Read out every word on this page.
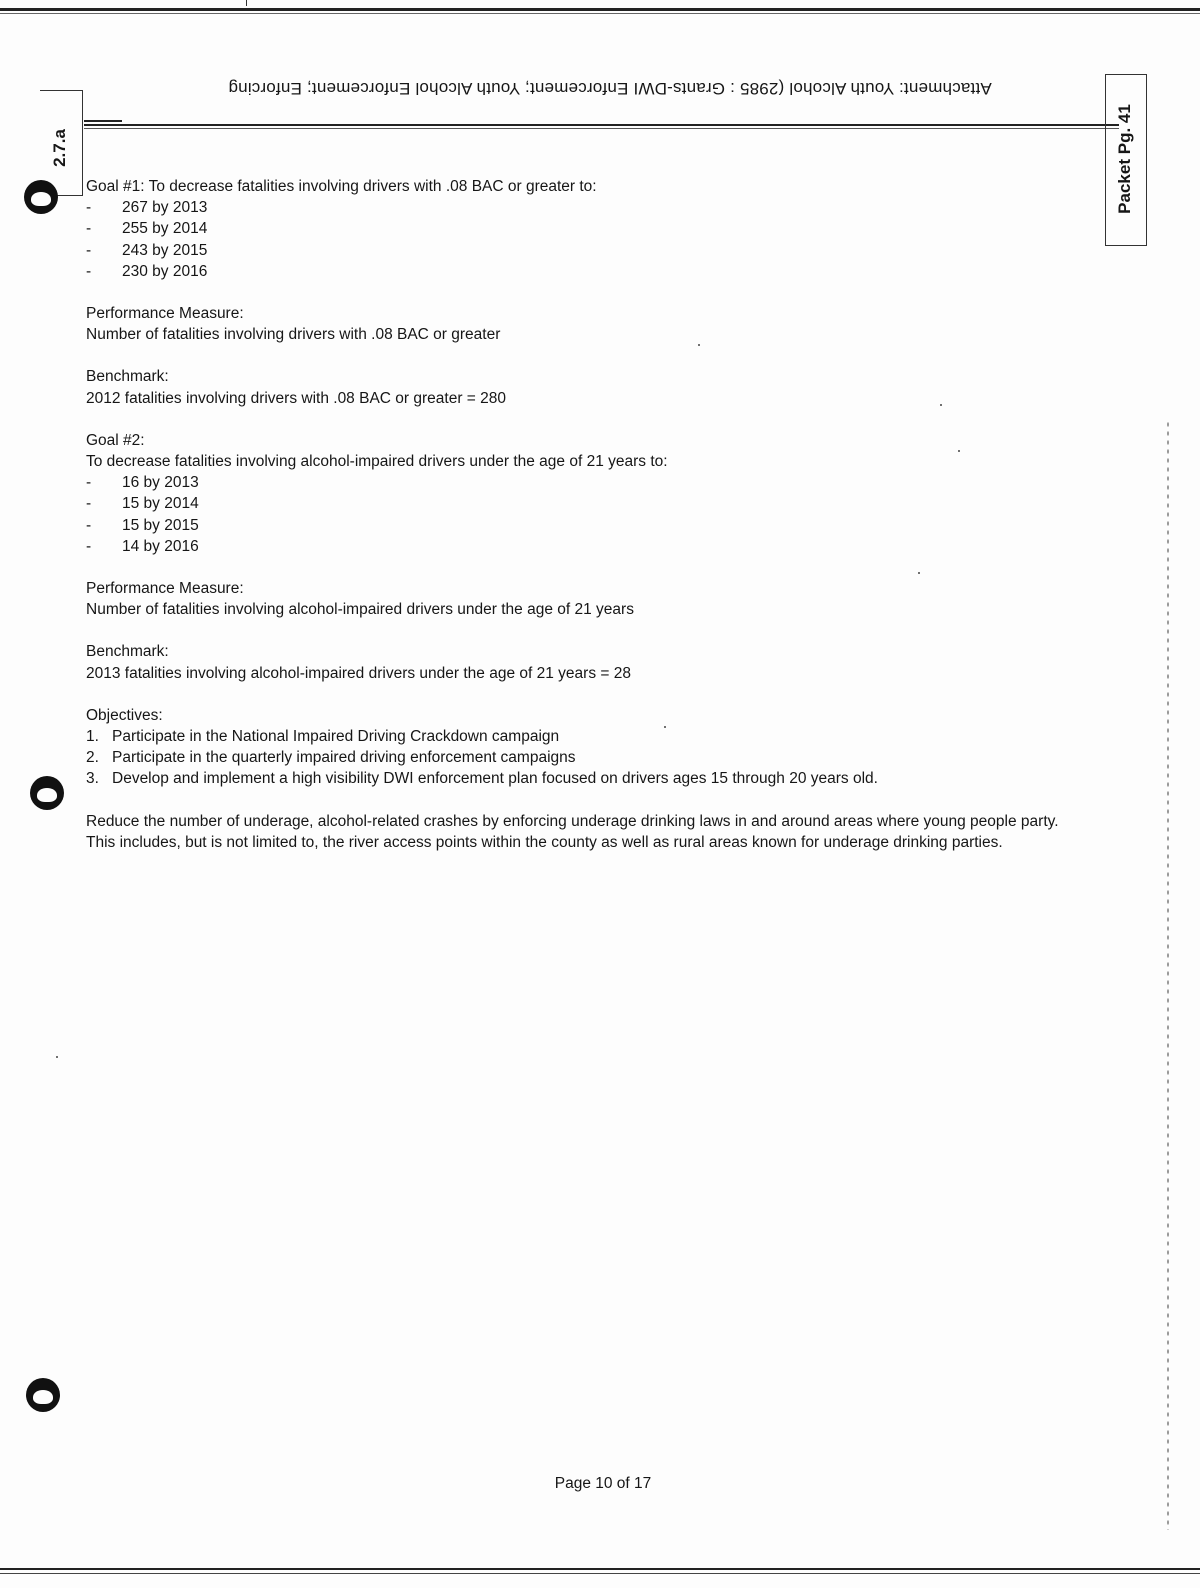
Attachment: Youth Alcohol (2985 : Grants-DWI Enforcement; Youth Alcohol Enforcement; Enforcing
2.7.a	Packet Pg. 41

Goal #1: To decrease fatalities involving drivers with .08 BAC or greater to:

-	267 by 2013
-	255 by 2014
-	243 by 2015
-	230 by 2016

Performance Measure:

Number of fatalities involving drivers with .08 BAC or greater

Benchmark:

2012 fatalities involving drivers with .08 BAC or greater = 280

Goal #2:

To decrease fatalities involving alcohol-impaired drivers under the age of 21 years to:

-	16 by 2013
-	15 by 2014
-	15 by 2015
-	14 by 2016

Performance Measure:

Number of fatalities involving alcohol-impaired drivers under the age of 21 years

Benchmark:

2013 fatalities involving alcohol-impaired drivers under the age of 21 years = 28

Objectives:

1. Participate in the National Impaired Driving Crackdown campaign
2. Participate in the quarterly impaired driving enforcement campaigns
3. Develop and implement a high visibility DWI enforcement plan focused on drivers ages 15 through 20 years old.

Reduce the number of underage, alcohol-related crashes by enforcing underage drinking laws in and around areas where young people party. This includes, but is not limited to, the river access points within the county as well as rural areas known for underage drinking parties.

Page 10 of 17
